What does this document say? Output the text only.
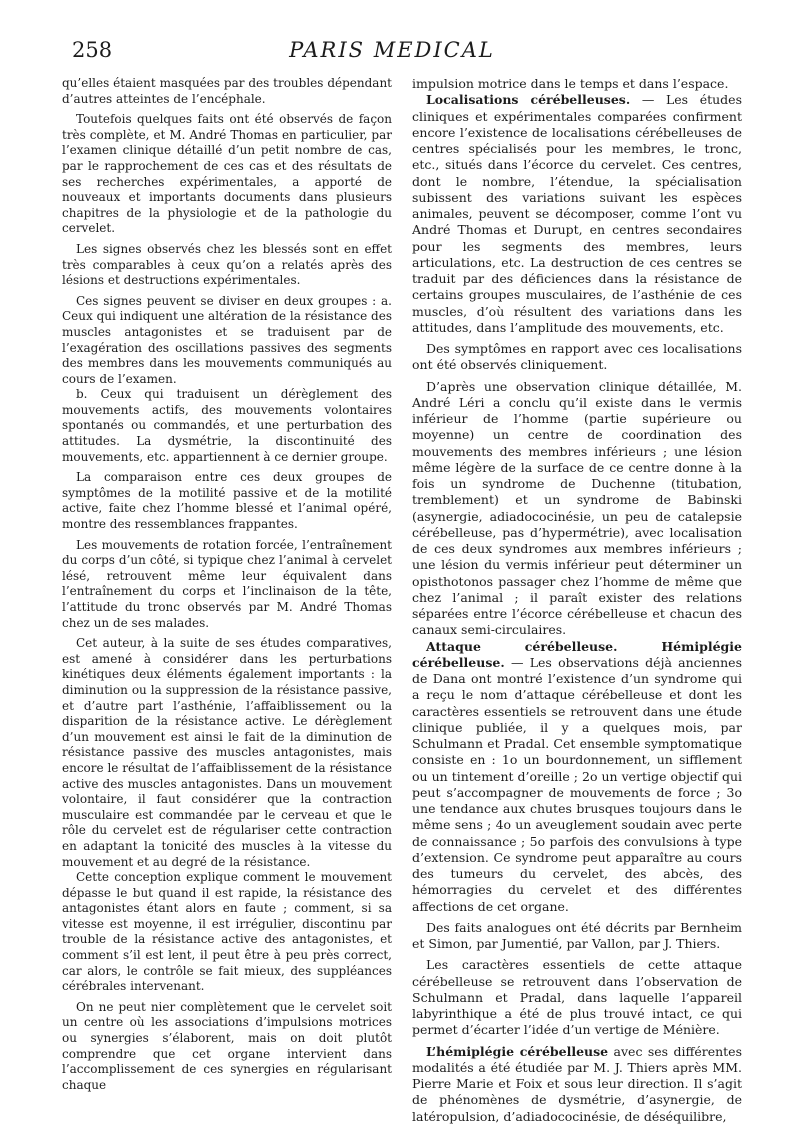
258	PARIS MEDICAL

qu’elles étaient masquées par des troubles dépendant d’autres atteintes de l’encéphale.

Toutefois quelques faits ont été observés de façon très complète, et M. André Thomas en particulier, par l’examen clinique détaillé d’un petit nombre de cas, par le rapprochement de ces cas et des résultats de ses recherches expérimentales, a apporté de nouveaux et importants documents dans plusieurs chapitres de la physiologie et de la pathologie du cervelet.

Les signes observés chez les blessés sont en effet très comparables à ceux qu’on a relatés après des lésions et destructions expérimentales.

Ces signes peuvent se diviser en deux groupes : a. Ceux qui indiquent une altération de la résistance des muscles antagonistes et se traduisent par de l’exagération des oscillations passives des segments des membres dans les mouvements communiqués au cours de l’examen.

b. Ceux qui traduisent un dérèglement des mouvements actifs, des mouvements volontaires spontanés ou commandés, et une perturbation des attitudes. La dysmétrie, la discontinuité des mouvements, etc. appartiennent à ce dernier groupe.

La comparaison entre ces deux groupes de symptômes de la motilité passive et de la motilité active, faite chez l’homme blessé et l’animal opéré, montre des ressemblances frappantes.

Les mouvements de rotation forcée, l’entraînement du corps d’un côté, si typique chez l’animal à cervelet lésé, retrouvent même leur équivalent dans l’entraînement du corps et l’inclinaison de la tête, l’attitude du tronc observés par M. André Thomas chez un de ses malades.

Cet auteur, à la suite de ses études comparatives, est amené à considérer dans les perturbations kinétiques deux éléments également importants : la diminution ou la suppression de la résistance passive, et d’autre part l’asthénie, l’affaiblissement ou la disparition de la résistance active. Le dérèglement d’un mouvement est ainsi le fait de la diminution de résistance passive des muscles antagonistes, mais encore le résultat de l’affaiblissement de la résistance active des muscles antagonistes. Dans un mouvement volontaire, il faut considérer que la contraction musculaire est commandée par le cerveau et que le rôle du cervelet est de régulariser cette contraction en adaptant la tonicité des muscles à la vitesse du mouvement et au degré de la résistance.

Cette conception explique comment le mouvement dépasse le but quand il est rapide, la résistance des antagonistes étant alors en faute ; comment, si sa vitesse est moyenne, il est irrégulier, discontinu par trouble de la résistance active des antagonistes, et comment s’il est lent, il peut être à peu près correct, car alors, le contrôle se fait mieux, des suppléances cérébrales intervenant.

On ne peut nier complètement que le cervelet soit un centre où les associations d’impulsions motrices ou synergies s’élaborent, mais on doit plutôt comprendre que cet organe intervient dans l’accomplissement de ces synergies en régularisant chaque

impulsion motrice dans le temps et dans l’espace.

Localisations cérébelleuses. — Les études cliniques et expérimentales comparées confirment encore l’existence de localisations cérébelleuses de centres spécialisés pour les membres, le tronc, etc., situés dans l’écorce du cervelet. Ces centres, dont le nombre, l’étendue, la spécialisation subissent des variations suivant les espèces animales, peuvent se décomposer, comme l’ont vu André Thomas et Durupt, en centres secondaires pour les segments des membres, leurs articulations, etc. La destruction de ces centres se traduit par des déficiences dans la résistance de certains groupes musculaires, de l’asthénie de ces muscles, d’où résultent des variations dans les attitudes, dans l’amplitude des mouvements, etc.

Des symptômes en rapport avec ces localisations ont été observés cliniquement.

D’après une observation clinique détaillée, M. André Léri a conclu qu’il existe dans le vermis inférieur de l’homme (partie supérieure ou moyenne) un centre de coordination des mouvements des membres inférieurs ; une lésion même légère de la surface de ce centre donne à la fois un syndrome de Duchenne (titubation, tremblement) et un syndrome de Babinski (asynergie, adiadococinésie, un peu de catalepsie cérébelleuse, pas d’hypermétrie), avec localisation de ces deux syndromes aux membres inférieurs ; une lésion du vermis inférieur peut déterminer un opisthotonos passager chez l’homme de même que chez l’animal ; il paraît exister des relations séparées entre l’écorce cérébelleuse et chacun des canaux semi-circulaires.

Attaque cérébelleuse. Hémiplégie cérébelleuse. — Les observations déjà anciennes de Dana ont montré l’existence d’un syndrome qui a reçu le nom d’attaque cérébelleuse et dont les caractères essentiels se retrouvent dans une étude clinique publiée, il y a quelques mois, par Schulmann et Pradal. Cet ensemble symptomatique consiste en : 1o un bourdonnement, un sifflement ou un tintement d’oreille ; 2o un vertige objectif qui peut s’accompagner de mouvements de force ; 3o une tendance aux chutes brusques toujours dans le même sens ; 4o un aveuglement soudain avec perte de connaissance ; 5o parfois des convulsions à type d’extension. Ce syndrome peut apparaître au cours des tumeurs du cervelet, des abcès, des hémorragies du cervelet et des différentes affections de cet organe.

Des faits analogues ont été décrits par Bernheim et Simon, par Jumentié, par Vallon, par J. Thiers.

Les caractères essentiels de cette attaque cérébelleuse se retrouvent dans l’observation de Schulmann et Pradal, dans laquelle l’appareil labyrinthique a été de plus trouvé intact, ce qui permet d’écarter l’idée d’un vertige de Ménière.

L’hémiplégie cérébelleuse avec ses différentes modalités a été étudiée par M. J. Thiers après MM. Pierre Marie et Foix et sous leur direction. Il s’agit de phénomènes de dysmétrie, d’asynergie, de latéropulsion, d’adiadococinésie, de déséquilibre,
